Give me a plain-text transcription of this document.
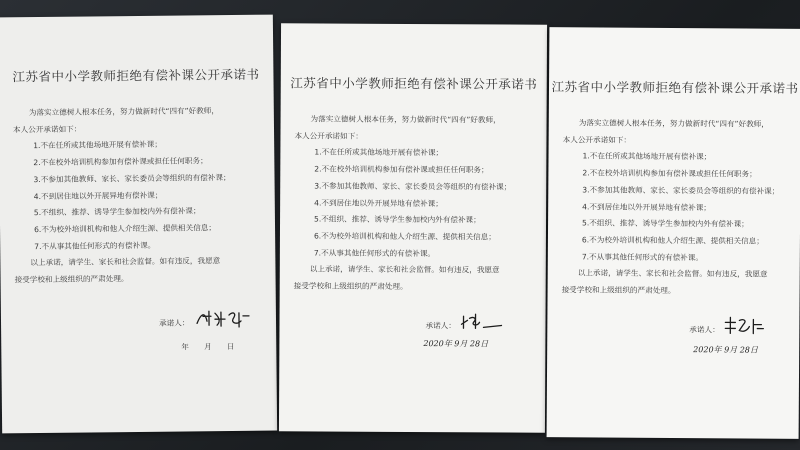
江苏省中小学教师拒绝有偿补课公开承诺书
为落实立德树人根本任务，努力做新时代“四有”好教师，
本人公开承诺如下：
1.不在任所或其他场地开展有偿补课；
2.不在校外培训机构参加有偿补课或担任任何职务；
3.不参加其他教师、家长、家长委员会等组织的有偿补课；
4.不到居住地以外开展异地有偿补课；
5.不组织、推荐、诱导学生参加校内外有偿补课；
6.不为校外培训机构和他人介绍生源、提供相关信息；
7.不从事其他任何形式的有偿补课。
以上承诺，请学生、家长和社会监督。如有违反，我愿意
接受学校和上级组织的严肃处理。
承诺人：
年　　月　　日
江苏省中小学教师拒绝有偿补课公开承诺书
为落实立德树人根本任务，努力做新时代“四有”好教师，
本人公开承诺如下：
1.不在任所或其他场地开展有偿补课；
2.不在校外培训机构参加有偿补课或担任任何职务；
3.不参加其他教师、家长、家长委员会等组织的有偿补课；
4.不到居住地以外开展异地有偿补课；
5.不组织、推荐、诱导学生参加校内外有偿补课；
6.不为校外培训机构和他人介绍生源、提供相关信息；
7.不从事其他任何形式的有偿补课。
以上承诺，请学生、家长和社会监督。如有违反，我愿意
接受学校和上级组织的严肃处理。
承诺人：
2020年 9月 28日
江苏省中小学教师拒绝有偿补课公开承诺书
为落实立德树人根本任务，努力做新时代“四有”好教师，
本人公开承诺如下：
1.不在任所或其他场地开展有偿补课；
2.不在校外培训机构参加有偿补课或担任任何职务；
3.不参加其他教师、家长、家长委员会等组织的有偿补课；
4.不到居住地以外开展异地有偿补课；
5.不组织、推荐、诱导学生参加校内外有偿补课；
6.不为校外培训机构和他人介绍生源、提供相关信息；
7.不从事其他任何形式的有偿补课。
以上承诺，请学生、家长和社会监督。如有违反，我愿意
接受学校和上级组织的严肃处理。
承诺人：
2020年 9月 28日
